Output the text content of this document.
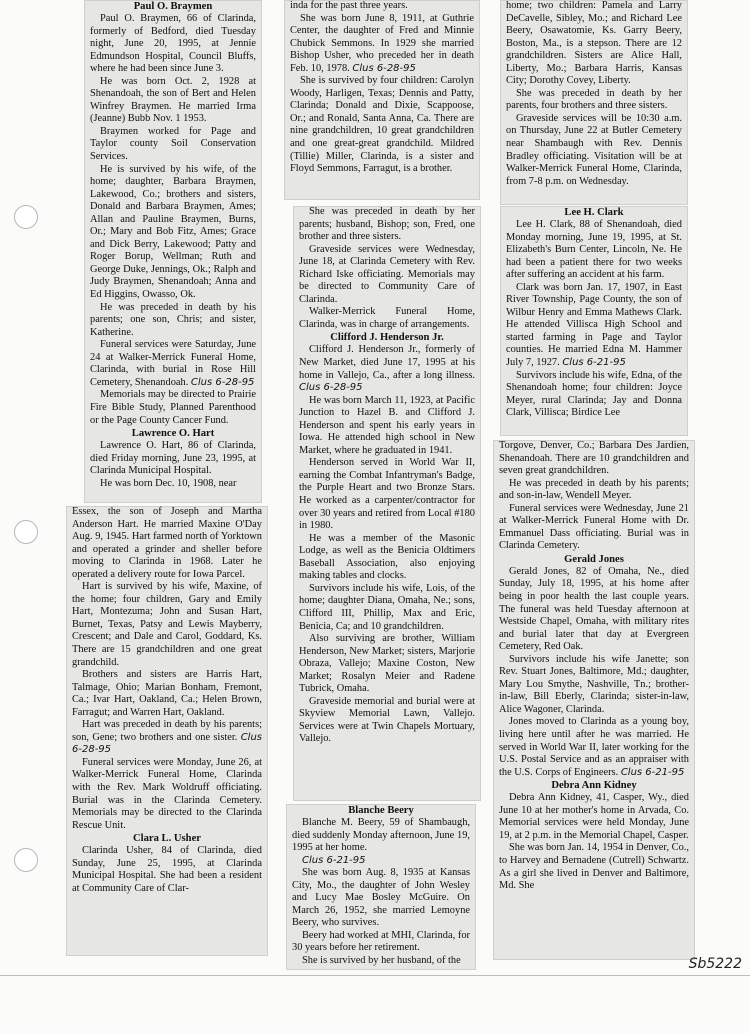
Paul O. Braymen

Paul O. Braymen, 66 of Clarinda, formerly of Bedford, died Tuesday night, June 20, 1995, at Jennie Edmundson Hospital, Council Bluffs, where he had been since June 3.

He was born Oct. 2, 1928 at Shenandoah, the son of Bert and Helen Winfrey Braymen. He married Irma (Jeanne) Bubb Nov. 1 1953.

Braymen worked for Page and Taylor county Soil Conservation Services.

He is survived by his wife, of the home; daughter, Barbara Braymen, Lakewood, Co.; brothers and sisters, Donald and Barbara Braymen, Ames; Allan and Pauline Braymen, Burns, Or.; Mary and Bob Fitz, Ames; Grace and Dick Berry, Lakewood; Patty and Roger Borup, Wellman; Ruth and George Duke, Jennings, Ok.; Ralph and Judy Braymen, Shenandoah; Anna and Ed Higgins, Owasso, Ok.

He was preceded in death by his parents; one son, Chris; and sister, Katherine.

Funeral services were Saturday, June 24 at Walker-Merrick Funeral Home, Clarinda, with burial in Rose Hill Cemetery, Shenandoah. Clus 6-28-95

Memorials may be directed to Prairie Fire Bible Study, Planned Parenthood or the Page County Cancer Fund.

Lawrence O. Hart

Lawrence O. Hart, 86 of Clarinda, died Friday morning, June 23, 1995, at Clarinda Municipal Hospital.

He was born Dec. 10, 1908, near

Essex, the son of Joseph and Martha Anderson Hart. He married Maxine O'Day Aug. 9, 1945. Hart farmed north of Yorktown and operated a grinder and sheller before moving to Clarinda in 1968. Later he operated a delivery route for Iowa Parcel.

Hart is survived by his wife, Maxine, of the home; four children, Gary and Emily Hart, Montezuma; John and Susan Hart, Burnet, Texas, Patsy and Lewis Mayberry, Crescent; and Dale and Carol, Goddard, Ks. There are 15 grandchildren and one great grandchild.

Brothers and sisters are Harris Hart, Talmage, Ohio; Marian Bonham, Fremont, Ca.; Ivar Hart, Oakland, Ca.; Helen Brown, Farragut; and Warren Hart, Oakland.

Hart was preceded in death by his parents; son, Gene; two brothers and one sister. Clus 6-28-95

Funeral services were Monday, June 26, at Walker-Merrick Funeral Home, Clarinda with the Rev. Mark Woldruff officiating. Burial was in the Clarinda Cemetery. Memorials may be directed to the Clarinda Rescue Unit.

Clara L. Usher

Clarinda Usher, 84 of Clarinda, died Sunday, June 25, 1995, at Clarinda Municipal Hospital. She had been a resident at Community Care of Clar-

inda for the past three years.

She was born June 8, 1911, at Guthrie Center, the daughter of Fred and Minnie Chubick Semmons. In 1929 she married Bishop Usher, who preceded her in death Feb. 10, 1978. Clus 6-28-95

She is survived by four children: Carolyn Woody, Harligen, Texas; Dennis and Patty, Clarinda; Donald and Dixie, Scappoose, Or.; and Ronald, Santa Anna, Ca. There are nine grandchildren, 10 great grandchildren and one great-great grandchild. Mildred (Tillie) Miller, Clarinda, is a sister and Floyd Semmons, Farragut, is a brother.

She was preceded in death by her parents; husband, Bishop; son, Fred, one brother and three sisters.

Graveside services were Wednesday, June 18, at Clarinda Cemetery with Rev. Richard Iske officiating. Memorials may be directed to Community Care of Clarinda.

Walker-Merrick Funeral Home, Clarinda, was in charge of arrangements.

Clifford J. Henderson Jr.

Clifford J. Henderson Jr., formerly of New Market, died June 17, 1995 at his home in Vallejo, Ca., after a long illness. Clus 6-28-95

He was born March 11, 1923, at Pacific Junction to Hazel B. and Clifford J. Henderson and spent his early years in Iowa. He attended high school in New Market, where he graduated in 1941.

Henderson served in World War II, earning the Combat Infantryman's Badge, the Purple Heart and two Bronze Stars. He worked as a carpenter/contractor for over 30 years and retired from Local #180 in 1980.

He was a member of the Masonic Lodge, as well as the Benicia Oldtimers Baseball Association, also enjoying making tables and clocks.

Survivors include his wife, Lois, of the home; daughter Diana, Omaha, Ne.; sons, Clifford III, Phillip, Max and Eric, Benicia, Ca; and 10 grandchildren.

Also surviving are brother, William Henderson, New Market; sisters, Marjorie Obraza, Vallejo; Maxine Coston, New Market; Rosalyn Meier and Radene Tubrick, Omaha.

Graveside memorial and burial were at Skyview Memorial Lawn, Vallejo. Services were at Twin Chapels Mortuary, Vallejo.

Blanche Beery

Blanche M. Beery, 59 of Shambaugh, died suddenly Monday afternoon, June 19, 1995 at her home.

Clus 6-21-95

She was born Aug. 8, 1935 at Kansas City, Mo., the daughter of John Wesley and Lucy Mae Bosley McGuire. On March 26, 1952, she married Lemoyne Beery, who survives.

Beery had worked at MHI, Clarinda, for 30 years before her retirement.

She is survived by her husband, of the

home; two children: Pamela and Larry DeCavelle, Sibley, Mo.; and Richard Lee Beery, Osawatomie, Ks. Garry Beery, Boston, Ma., is a stepson. There are 12 grandchildren. Sisters are Alice Hall, Liberty, Mo.; Barbara Harris, Kansas City; Dorothy Covey, Liberty.

She was preceded in death by her parents, four brothers and three sisters.

Graveside services will be 10:30 a.m. on Thursday, June 22 at Butler Cemetery near Shambaugh with Rev. Dennis Bradley officiating. Visitation will be at Walker-Merrick Funeral Home, Clarinda, from 7-8 p.m. on Wednesday.

Lee H. Clark

Lee H. Clark, 88 of Shenandoah, died Monday morning, June 19, 1995, at St. Elizabeth's Burn Center, Lincoln, Ne. He had been a patient there for two weeks after suffering an accident at his farm.

Clark was born Jan. 17, 1907, in East River Township, Page County, the son of Wilbur Henry and Emma Mathews Clark. He attended Villisca High School and started farming in Page and Taylor counties. He married Edna M. Hammer July 7, 1927. Clus 6-21-95

Survivors include his wife, Edna, of the Shenandoah home; four children: Joyce Meyer, rural Clarinda; Jay and Donna Clark, Villisca; Birdice Lee

Torgove, Denver, Co.; Barbara Des Jardien, Shenandoah. There are 10 grandchildren and seven great grandchildren.

He was preceded in death by his parents; and son-in-law, Wendell Meyer.

Funeral services were Wednesday, June 21 at Walker-Merrick Funeral Home with Dr. Emmanuel Dass officiating. Burial was in Clarinda Cemetery.

Gerald Jones

Gerald Jones, 82 of Omaha, Ne., died Sunday, July 18, 1995, at his home after being in poor health the last couple years. The funeral was held Tuesday afternoon at Westside Chapel, Omaha, with military rites and burial later that day at Evergreen Cemetery, Red Oak.

Survivors include his wife Janette; son Rev. Stuart Jones, Baltimore, Md.; daughter, Mary Lou Smythe, Nashville, Tn.; brother-in-law, Bill Eberly, Clarinda; sister-in-law, Alice Wagoner, Clarinda.

Jones moved to Clarinda as a young boy, living here until after he was married. He served in World War II, later working for the U.S. Postal Service and as an appraiser with the U.S. Corps of Engineers. Clus 6-21-95

Debra Ann Kidney

Debra Ann Kidney, 41, Casper, Wy., died June 10 at her mother's home in Arvada, Co. Memorial services were held Monday, June 19, at 2 p.m. in the Memorial Chapel, Casper.

She was born Jan. 14, 1954 in Denver, Co., to Harvey and Bernadene (Cutrell) Schwartz. As a girl she lived in Denver and Baltimore, Md. She

Sb5222
